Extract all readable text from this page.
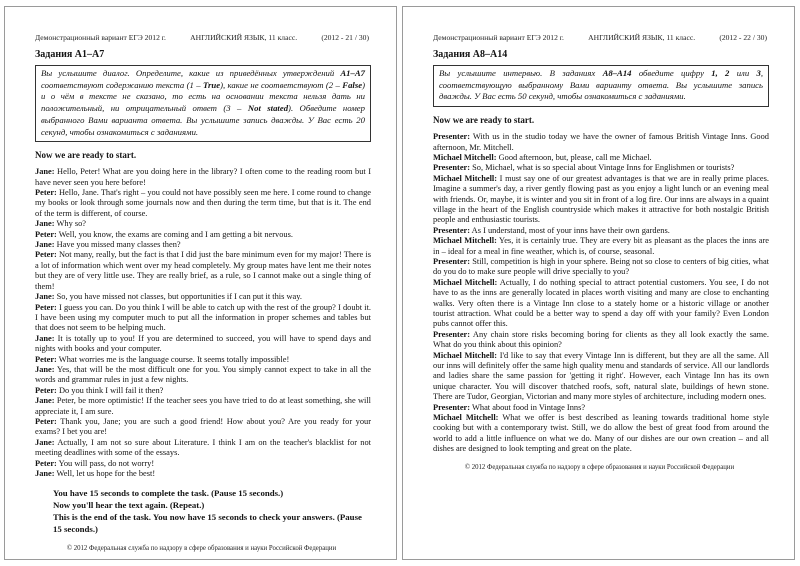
Демонстрационный вариант ЕГЭ 2012 г.	АНГЛИЙСКИЙ ЯЗЫК, 11 класс.	(2012 - 21 / 30)
Задания A1–A7
Вы услышите диалог. Определите, какие из приведённых утверждений A1–A7 соответствуют содержанию текста (1 – True), какие не соответствуют (2 – False) и о чём в тексте не сказано, то есть на основании текста нельзя дать ни положительный, ни отрицательный ответ (3 – Not stated). Обведите номер выбранного Вами варианта ответа. Вы услышите запись дважды. У Вас есть 20 секунд, чтобы ознакомиться с заданиями.

Now we are ready to start.

Jane: Hello, Peter! What are you doing here in the library? I often come to the reading room but I have never seen you here before!

Peter: Hello, Jane. That's right – you could not have possibly seen me here. I come round to change my books or look through some journals now and then during the term time, but that is it. The end of the term is different, of course.

Jane: Why so?

Peter: Well, you know, the exams are coming and I am getting a bit nervous.

Jane: Have you missed many classes then?

Peter: Not many, really, but the fact is that I did just the bare minimum even for my major! There is a lot of information which went over my head completely. My group mates have lent me their notes but they are of very little use. They are really brief, as a rule, so I cannot make out a single thing of them!

Jane: So, you have missed not classes, but opportunities if I can put it this way.

Peter: I guess you can. Do you think I will be able to catch up with the rest of the group? I doubt it. I have been using my computer much to put all the information in proper schemes and tables but that does not seem to be helping much.

Jane: It is totally up to you! If you are determined to succeed, you will have to spend days and nights with books and your computer.

Peter: What worries me is the language course. It seems totally impossible!

Jane: Yes, that will be the most difficult one for you. You simply cannot expect to take in all the words and grammar rules in just a few nights.

Peter: Do you think I will fail it then?

Jane: Peter, be more optimistic! If the teacher sees you have tried to do at least something, she will appreciate it, I am sure.

Peter: Thank you, Jane; you are such a good friend! How about you? Are you ready for your exams? I bet you are!

Jane: Actually, I am not so sure about Literature. I think I am on the teacher's blacklist for not meeting deadlines with some of the essays.

Peter: You will pass, do not worry!

Jane: Well, let us hope for the best!

You have 15 seconds to complete the task. (Pause 15 seconds.)

Now you'll hear the text again. (Repeat.)

This is the end of the task. You now have 15 seconds to check your answers. (Pause 15 seconds.)

© 2012 Федеральная служба по надзору в сфере образования и науки Российской Федерации
Демонстрационный вариант ЕГЭ 2012 г.	АНГЛИЙСКИЙ ЯЗЫК, 11 класс.	(2012 - 22 / 30)
Задания A8–A14
Вы услышите интервью. В заданиях A8–A14 обведите цифру 1, 2 или 3, соответствующую выбранному Вами варианту ответа. Вы услышите запись дважды. У Вас есть 50 секунд, чтобы ознакомиться с заданиями.

Now we are ready to start.

Presenter: With us in the studio today we have the owner of famous British Vintage Inns. Good afternoon, Mr. Mitchell.

Michael Mitchell: Good afternoon, but, please, call me Michael.

Presenter: So, Michael, what is so special about Vintage Inns for Englishmen or tourists?

Michael Mitchell: I must say one of our greatest advantages is that we are in really prime places. Imagine a summer's day, a river gently flowing past as you enjoy a light lunch or an evening meal with friends. Or, maybe, it is winter and you sit in front of a log fire. Our inns are always in a quaint village in the heart of the English countryside which makes it attractive for both nostalgic British people and enthusiastic tourists.

Presenter: As I understand, most of your inns have their own gardens.

Michael Mitchell: Yes, it is certainly true. They are every bit as pleasant as the places the inns are in – ideal for a meal in fine weather, which is, of course, seasonal.

Presenter: Still, competition is high in your sphere. Being not so close to centers of big cities, what do you do to make sure people will drive specially to you?

Michael Mitchell: Actually, I do nothing special to attract potential customers. You see, I do not have to as the inns are generally located in places worth visiting and many are close to enchanting walks. Very often there is a Vintage Inn close to a stately home or a historic village or another tourist attraction. What could be a better way to spend a day off with your family? Even London pubs cannot offer this.

Presenter: Any chain store risks becoming boring for clients as they all look exactly the same. What do you think about this opinion?

Michael Mitchell: I'd like to say that every Vintage Inn is different, but they are all the same. All our inns will definitely offer the same high quality menu and standards of service. All our landlords and ladies share the same passion for 'getting it right'. However, each Vintage Inn has its own unique character. You will discover thatched roofs, soft, natural slate, buildings of hewn stone. There are Tudor, Georgian, Victorian and many more styles of architecture, including modern ones.

Presenter: What about food in Vintage Inns?

Michael Mitchell: What we offer is best described as leaning towards traditional home style cooking but with a contemporary twist. Still, we do allow the best of great food from around the world to add a little influence on what we do. Many of our dishes are our own creation – and all dishes are designed to look tempting and great on the plate.

© 2012 Федеральная служба по надзору в сфере образования и науки Российской Федерации
